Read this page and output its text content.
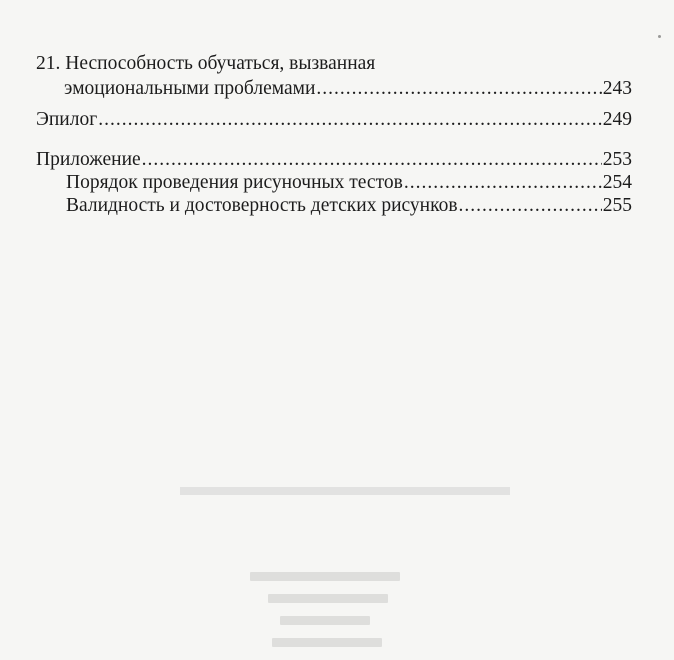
21. Неспособность обучаться, вызванная
эмоциональными проблемами .....	243
Эпилог .....	249
Приложение .....	253
Порядок проведения рисуночных тестов .....	254
Валидность и достоверность детских рисунков .....	255
